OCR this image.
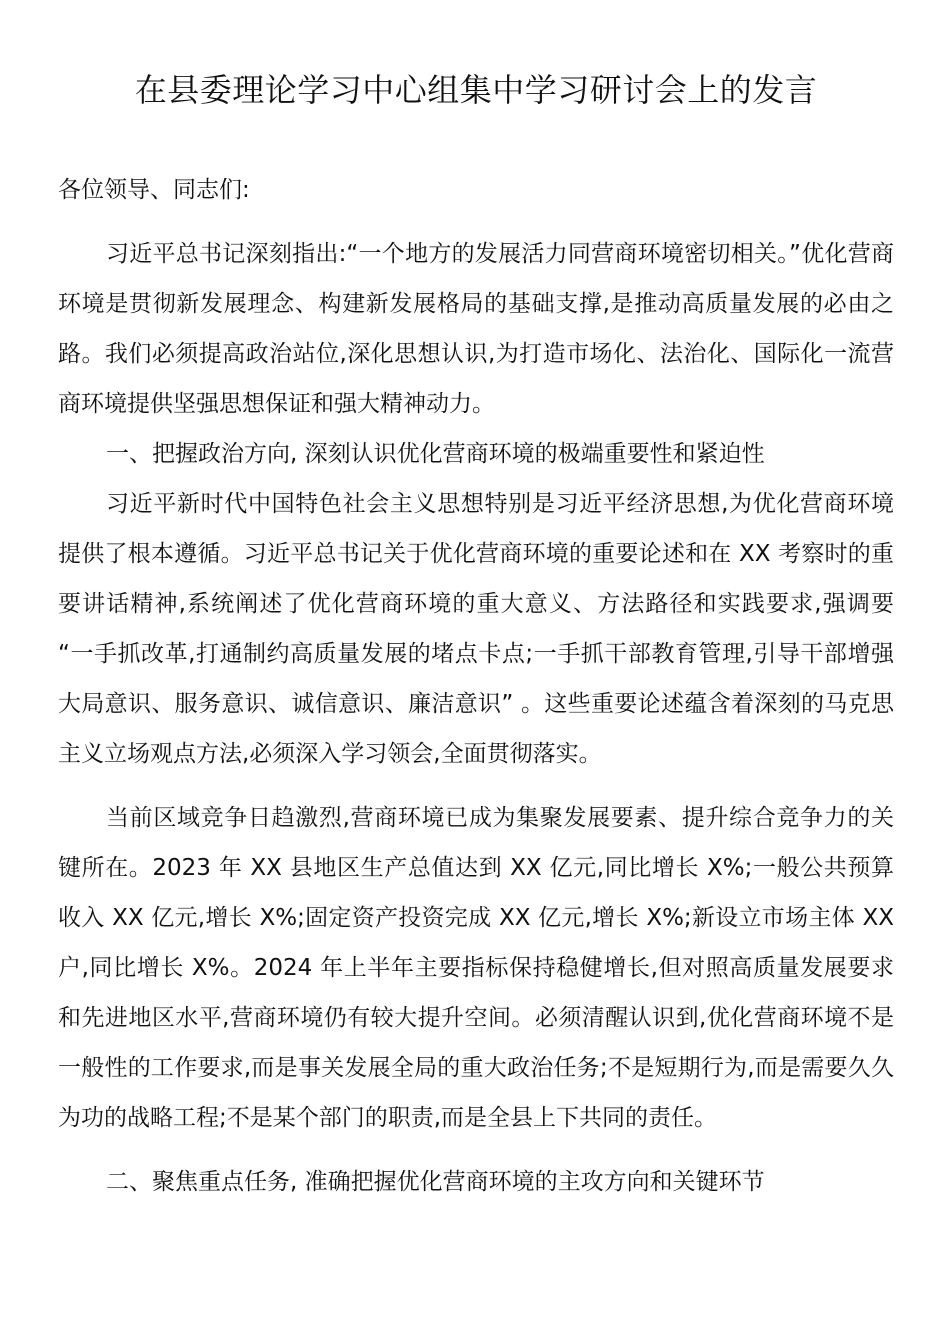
在县委理论学习中心组集中学习研讨会上的发言

各位领导、同志们:

习近平总书记深刻指出:“一个地方的发展活力同营商环境密切相关。”优化营商环境是贯彻新发展理念、构建新发展格局的基础支撑,是推动高质量发展的必由之路。我们必须提高政治站位,深化思想认识,为打造市场化、法治化、国际化一流营商环境提供坚强思想保证和强大精神动力。

一、把握政治方向, 深刻认识优化营商环境的极端重要性和紧迫性

习近平新时代中国特色社会主义思想特别是习近平经济思想,为优化营商环境提供了根本遵循。习近平总书记关于优化营商环境的重要论述和在 XX 考察时的重要讲话精神,系统阐述了优化营商环境的重大意义、方法路径和实践要求,强调要 “一手抓改革,打通制约高质量发展的堵点卡点;一手抓干部教育管理,引导干部增强大局意识、服务意识、诚信意识、廉洁意识” 。这些重要论述蕴含着深刻的马克思主义立场观点方法,必须深入学习领会,全面贯彻落实。

当前区域竞争日趋激烈,营商环境已成为集聚发展要素、提升综合竞争力的关键所在。2023 年 XX 县地区生产总值达到 XX 亿元,同比增长 X%;一般公共预算收入 XX 亿元,增长 X%;固定资产投资完成 XX 亿元,增长 X%;新设立市场主体 XX 户,同比增长 X%。2024 年上半年主要指标保持稳健增长,但对照高质量发展要求和先进地区水平,营商环境仍有较大提升空间。必须清醒认识到,优化营商环境不是一般性的工作要求,而是事关发展全局的重大政治任务;不是短期行为,而是需要久久为功的战略工程;不是某个部门的职责,而是全县上下共同的责任。

二、聚焦重点任务, 准确把握优化营商环境的主攻方向和关键环节
